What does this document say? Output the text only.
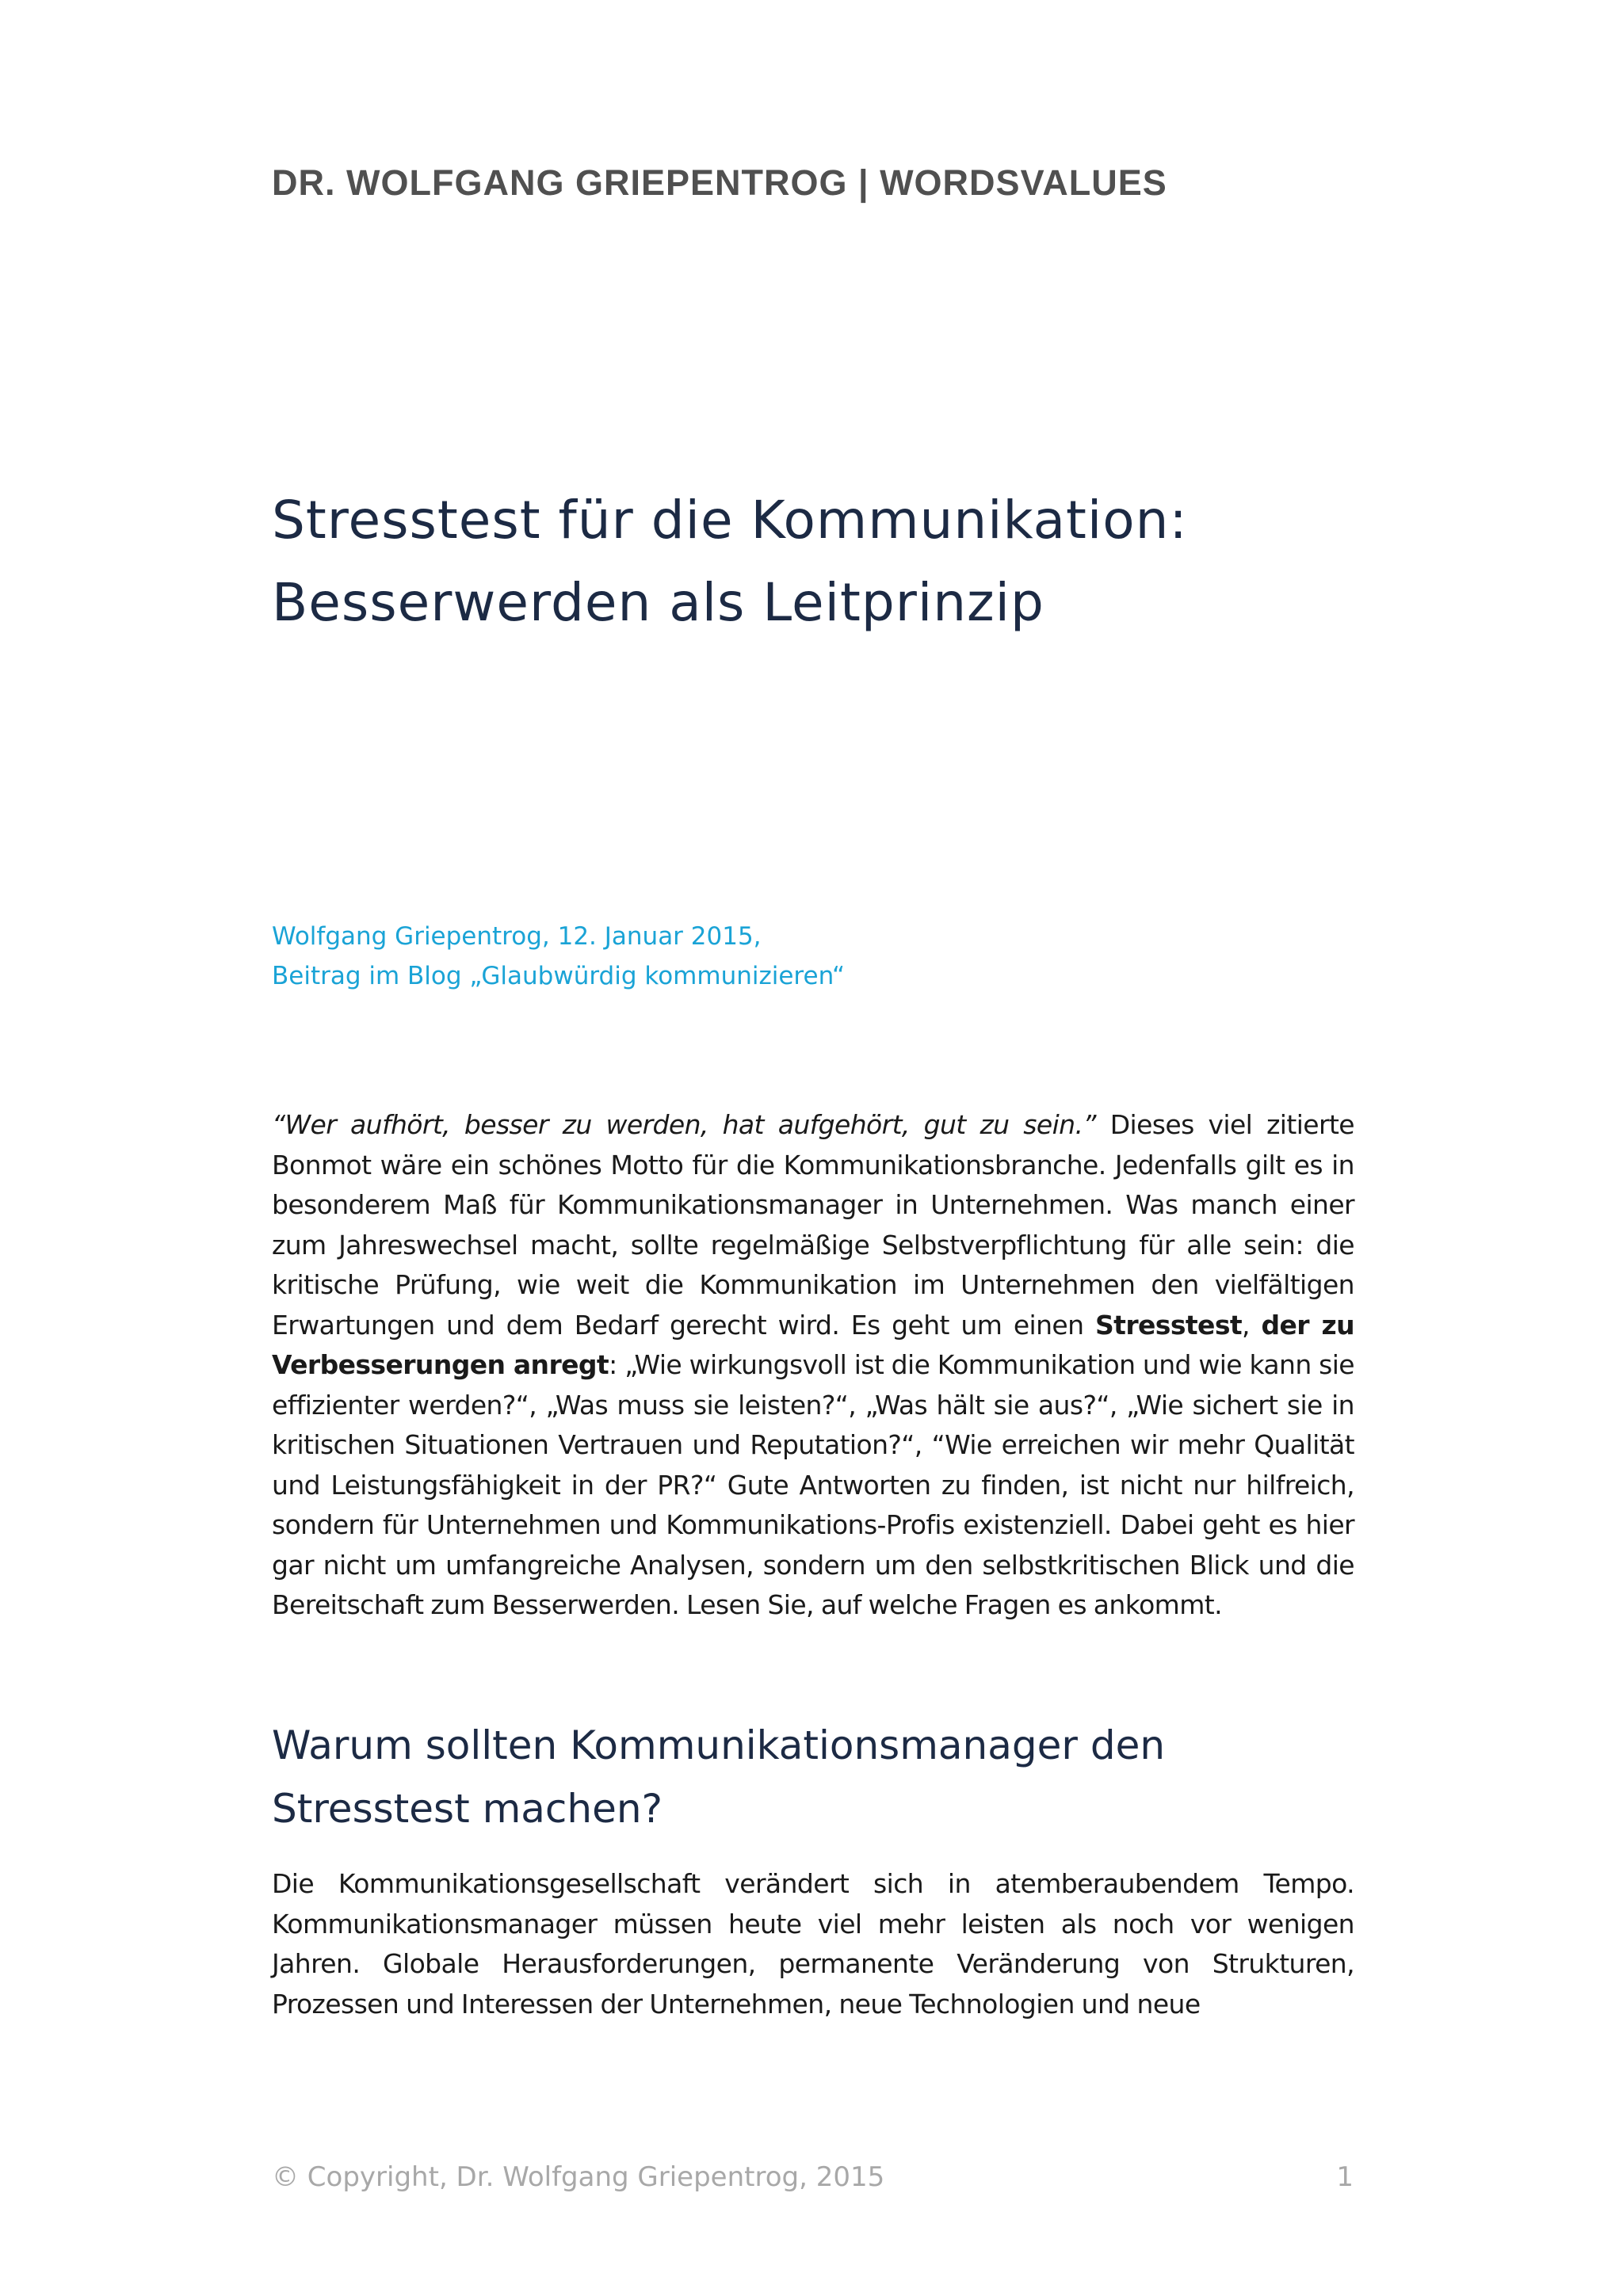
DR. WOLFGANG GRIEPENTROG | WORDSVALUES
Stresstest für die Kommunikation:
Besserwerden als Leitprinzip
Wolfgang Griepentrog, 12. Januar 2015,
Beitrag im Blog „Glaubwürdig kommunizieren“
“Wer aufhört, besser zu werden, hat aufgehört, gut zu sein.” Dieses viel zitierte Bonmot wäre ein schönes Motto für die Kommunikationsbranche. Jedenfalls gilt es in besonderem Maß für Kommunikationsmanager in Unternehmen. Was manch einer zum Jahreswechsel macht, sollte regelmäßige Selbstverpflichtung für alle sein: die kritische Prüfung, wie weit die Kommunikation im Unternehmen den vielfältigen Erwartungen und dem Bedarf gerecht wird. Es geht um einen Stresstest, der zu Verbesserungen anregt: „Wie wirkungsvoll ist die Kommunikation und wie kann sie effizienter werden?“, „Was muss sie leisten?“, „Was hält sie aus?“, „Wie sichert sie in kritischen Situationen Vertrauen und Reputation?“, “Wie erreichen wir mehr Qualität und Leistungsfähigkeit in der PR?“ Gute Antworten zu finden, ist nicht nur hilfreich, sondern für Unternehmen und Kommunikations-Profis existenziell. Dabei geht es hier gar nicht um umfangreiche Analysen, sondern um den selbstkritischen Blick und die Bereitschaft zum Besserwerden. Lesen Sie, auf welche Fragen es ankommt.
Warum sollten Kommunikationsmanager den
Stresstest machen?
Die Kommunikationsgesellschaft verändert sich in atemberaubendem Tempo. Kommunikationsmanager müssen heute viel mehr leisten als noch vor wenigen Jahren. Globale Herausforderungen, permanente Veränderung von Strukturen, Prozessen und Interessen der Unternehmen, neue Technologien und neue
© Copyright, Dr. Wolfgang Griepentrog, 2015	1
